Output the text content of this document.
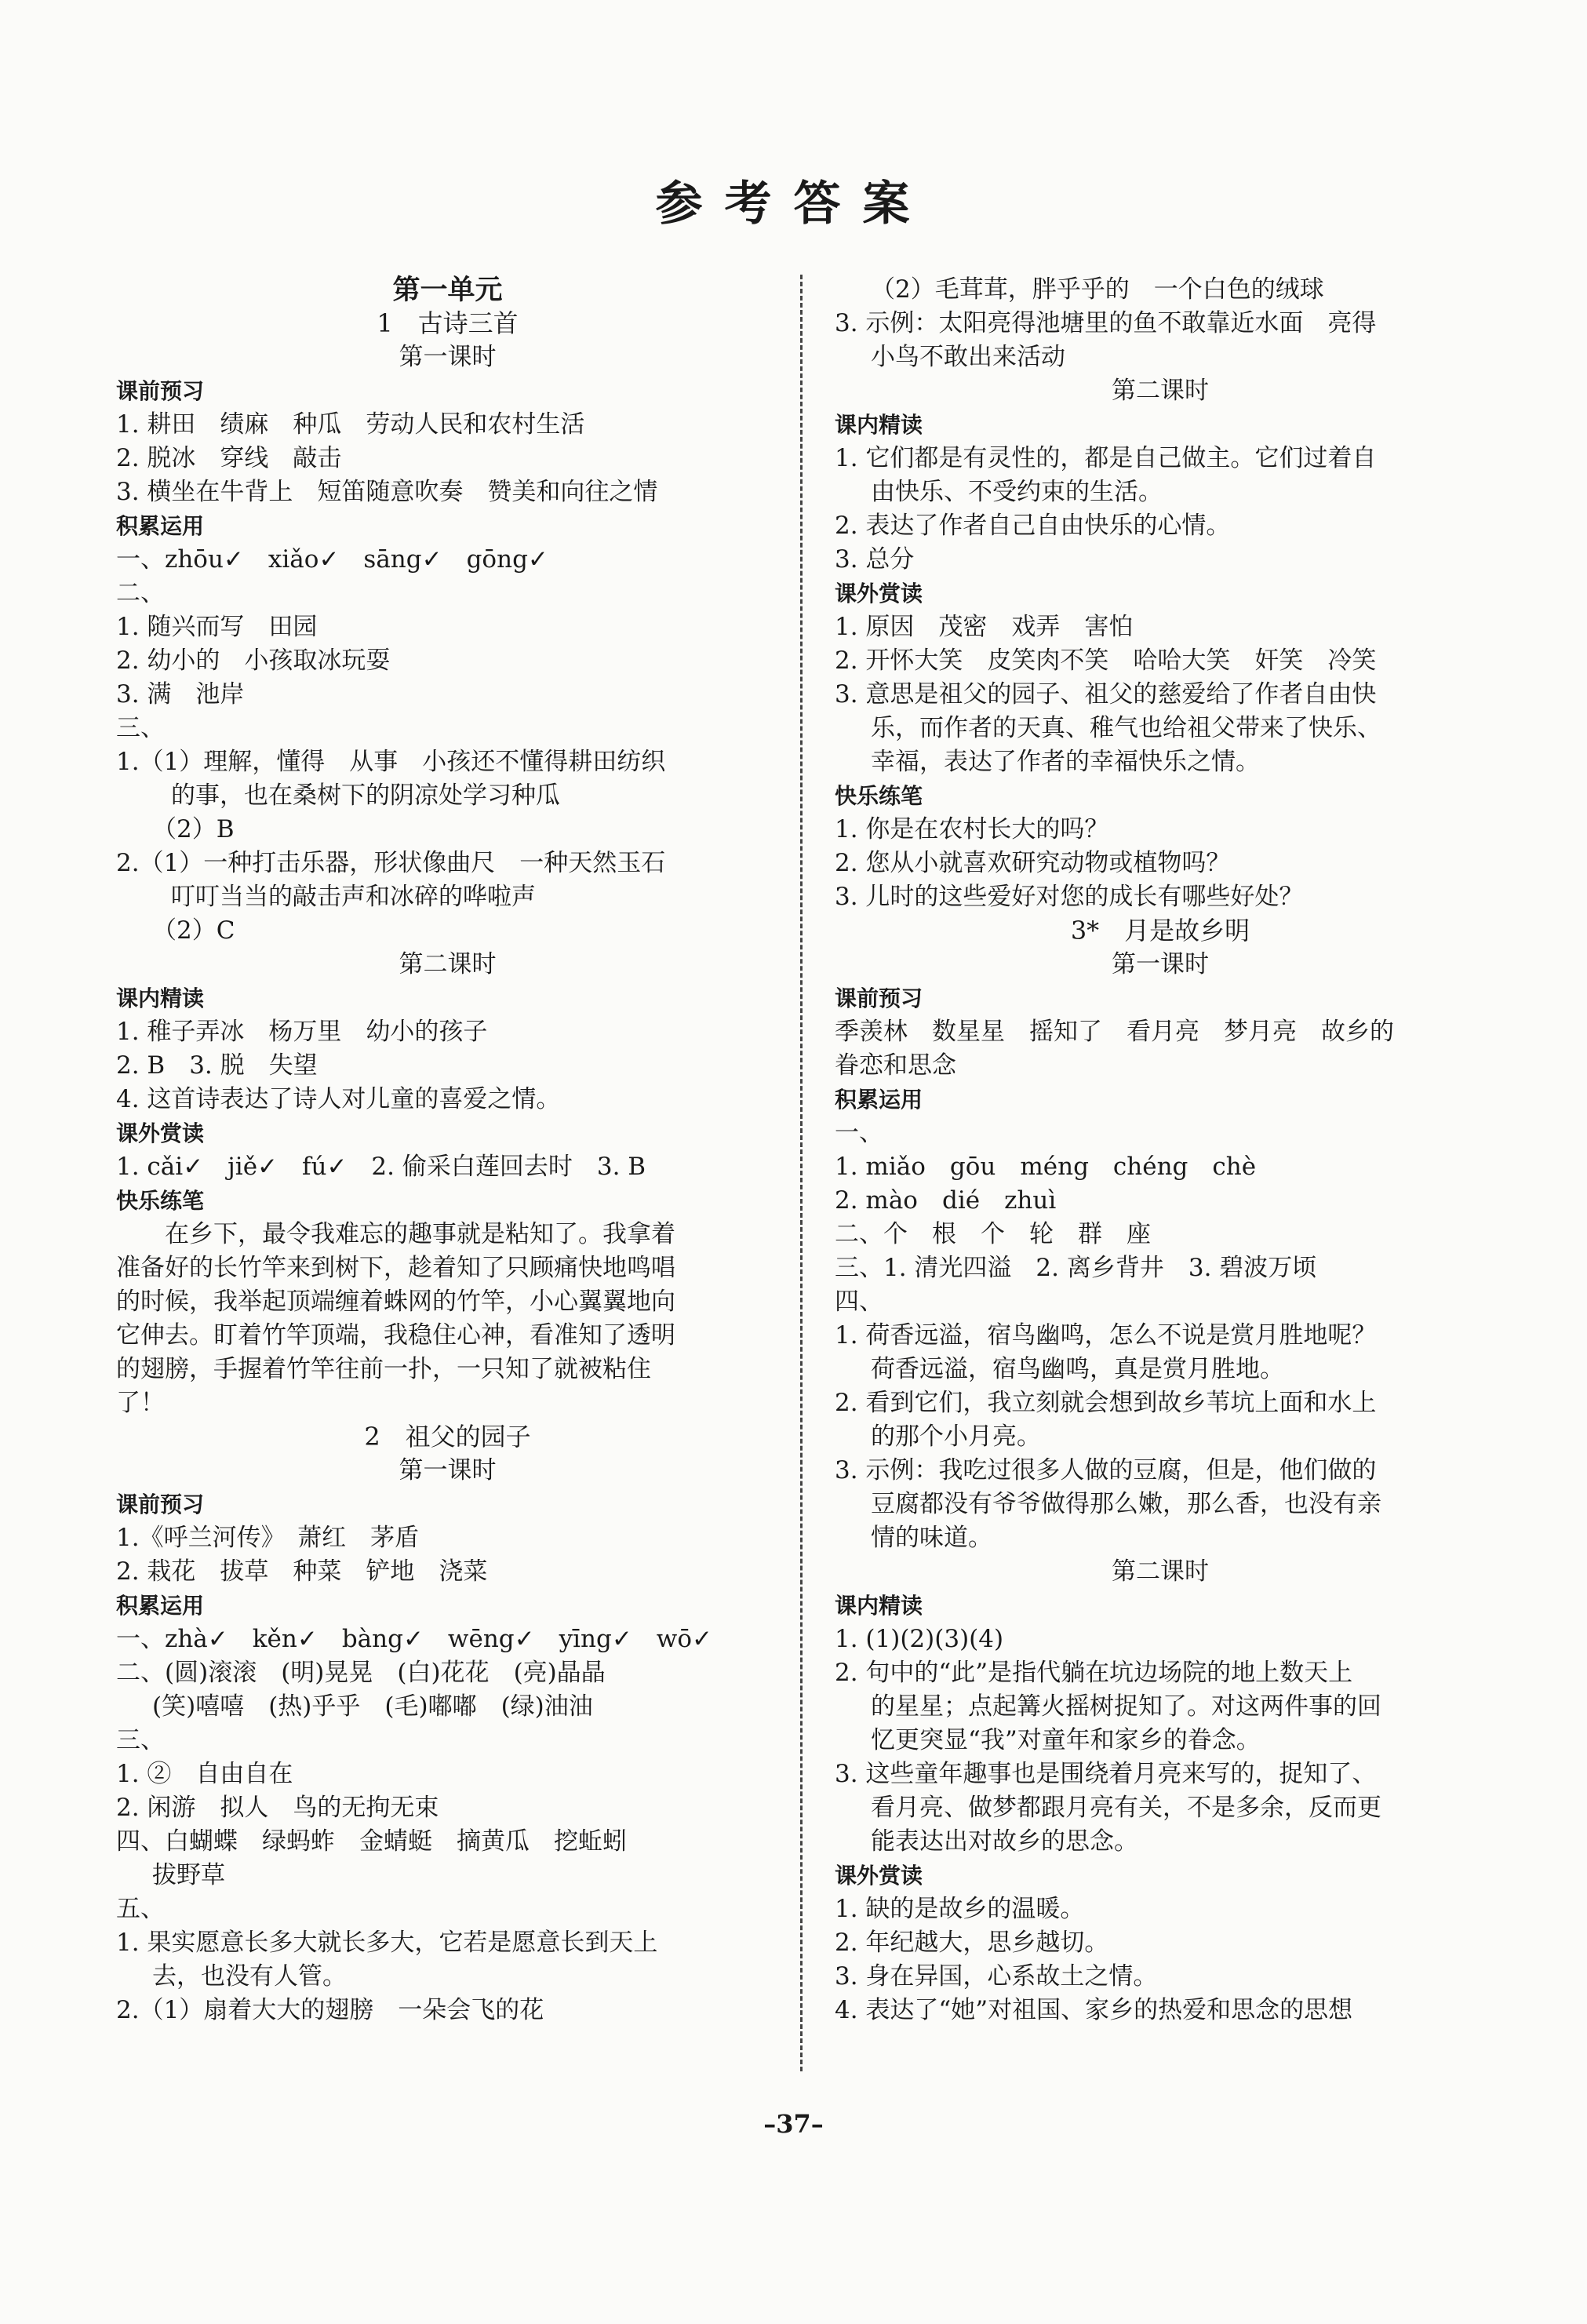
参考答案
第一单元
1　古诗三首
第一课时
课前预习
1. 耕田　绩麻　种瓜　劳动人民和农村生活
2. 脱冰　穿线　敲击
3. 横坐在牛背上　短笛随意吹奏　赞美和向往之情
积累运用
一、zhōu✓　xiǎo✓　sāng✓　gōng✓
二、
1. 随兴而写　田园
2. 幼小的　小孩取冰玩耍
3. 满　池岸
三、
1.（1）理解，懂得　从事　小孩还不懂得耕田纺织
的事，也在桑树下的阴凉处学习种瓜
（2）B
2.（1）一种打击乐器，形状像曲尺　一种天然玉石
叮叮当当的敲击声和冰碎的哗啦声
（2）C
第二课时
课内精读
1. 稚子弄冰　杨万里　幼小的孩子
2. B　3. 脱　失望
4. 这首诗表达了诗人对儿童的喜爱之情。
课外赏读
1. cǎi✓　jiě✓　fú✓　2. 偷采白莲回去时　3. B
快乐练笔
在乡下，最令我难忘的趣事就是粘知了。我拿着
准备好的长竹竿来到树下，趁着知了只顾痛快地鸣唱
的时候，我举起顶端缠着蛛网的竹竿，小心翼翼地向
它伸去。盯着竹竿顶端，我稳住心神，看准知了透明
的翅膀，手握着竹竿往前一扑，一只知了就被粘住
了！
2　祖父的园子
第一课时
课前预习
1.《呼兰河传》　萧红　茅盾
2. 栽花　拔草　种菜　铲地　浇菜
积累运用
一、zhà✓　kěn✓　bàng✓　wēng✓　yīng✓　wō✓
二、(圆)滚滚　(明)晃晃　(白)花花　(亮)晶晶
(笑)嘻嘻　(热)乎乎　(毛)嘟嘟　(绿)油油
三、
1. ②　自由自在
2. 闲游　拟人　鸟的无拘无束
四、白蝴蝶　绿蚂蚱　金蜻蜓　摘黄瓜　挖蚯蚓
拔野草
五、
1. 果实愿意长多大就长多大，它若是愿意长到天上
去，也没有人管。
2.（1）扇着大大的翅膀　一朵会飞的花
（2）毛茸茸，胖乎乎的　一个白色的绒球
3. 示例：太阳亮得池塘里的鱼不敢靠近水面　亮得
小鸟不敢出来活动
第二课时
课内精读
1. 它们都是有灵性的，都是自己做主。它们过着自
由快乐、不受约束的生活。
2. 表达了作者自己自由快乐的心情。
3. 总分
课外赏读
1. 原因　茂密　戏弄　害怕
2. 开怀大笑　皮笑肉不笑　哈哈大笑　奸笑　冷笑
3. 意思是祖父的园子、祖父的慈爱给了作者自由快
乐，而作者的天真、稚气也给祖父带来了快乐、
幸福，表达了作者的幸福快乐之情。
快乐练笔
1. 你是在农村长大的吗？
2. 您从小就喜欢研究动物或植物吗？
3. 儿时的这些爱好对您的成长有哪些好处？
3*　月是故乡明
第一课时
课前预习
季羡林　数星星　摇知了　看月亮　梦月亮　故乡的
眷恋和思念
积累运用
一、
1. miǎo　gōu　méng　chéng　chè
2. mào　dié　zhuì
二、个　根　个　轮　群　座
三、1. 清光四溢　2. 离乡背井　3. 碧波万顷
四、
1. 荷香远溢，宿鸟幽鸣，怎么不说是赏月胜地呢？
荷香远溢，宿鸟幽鸣，真是赏月胜地。
2. 看到它们，我立刻就会想到故乡苇坑上面和水上
的那个小月亮。
3. 示例：我吃过很多人做的豆腐，但是，他们做的
豆腐都没有爷爷做得那么嫩，那么香，也没有亲
情的味道。
第二课时
课内精读
1. (1)(2)(3)(4)
2. 句中的“此”是指代躺在坑边场院的地上数天上
的星星；点起篝火摇树捉知了。对这两件事的回
忆更突显“我”对童年和家乡的眷念。
3. 这些童年趣事也是围绕着月亮来写的，捉知了、
看月亮、做梦都跟月亮有关，不是多余，反而更
能表达出对故乡的思念。
课外赏读
1. 缺的是故乡的温暖。
2. 年纪越大，思乡越切。
3. 身在异国，心系故土之情。
4. 表达了“她”对祖国、家乡的热爱和思念的思想
–37–
